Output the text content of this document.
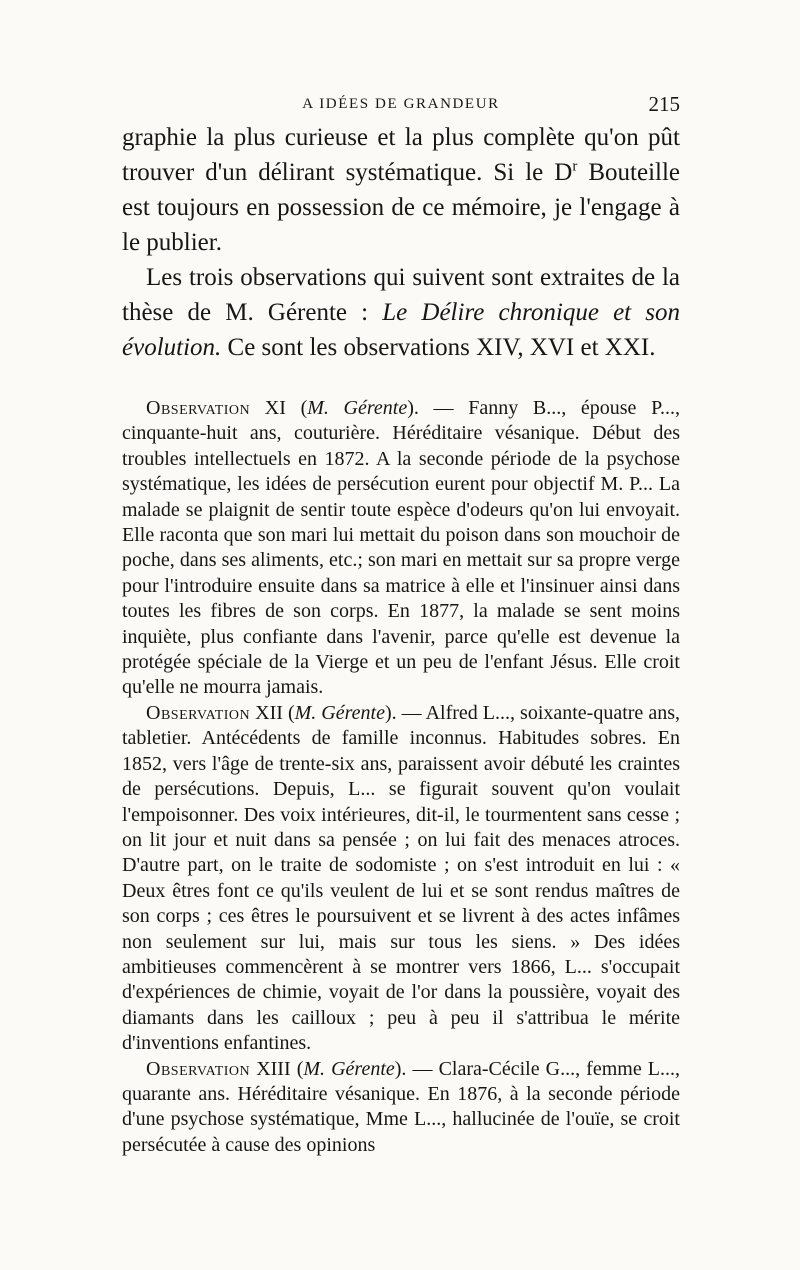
A IDÉES DE GRANDEUR	215

graphie la plus curieuse et la plus complète qu'on pût trouver d'un délirant systématique. Si le $D^r$ Bouteille est toujours en possession de ce mémoire, je l'engage à le publier.

Les trois observations qui suivent sont extraites de la thèse de M. Gérente : Le Délire chronique et son évolution. Ce sont les observations XIV, XVI et XXI.

Observation XI (M. Gérente). — Fanny B..., épouse P..., cinquante-huit ans, couturière. Héréditaire vésanique. Début des troubles intellectuels en 1872. A la seconde période de la psychose systématique, les idées de persécution eurent pour objectif M. P... La malade se plaignit de sentir toute espèce d'odeurs qu'on lui envoyait. Elle raconta que son mari lui mettait du poison dans son mouchoir de poche, dans ses aliments, etc.; son mari en mettait sur sa propre verge pour l'introduire ensuite dans sa matrice à elle et l'insinuer ainsi dans toutes les fibres de son corps. En 1877, la malade se sent moins inquiète, plus confiante dans l'avenir, parce qu'elle est devenue la protégée spéciale de la Vierge et un peu de l'enfant Jésus. Elle croit qu'elle ne mourra jamais.

Observation XII (M. Gérente). — Alfred L..., soixante-quatre ans, tabletier. Antécédents de famille inconnus. Habitudes sobres. En 1852, vers l'âge de trente-six ans, paraissent avoir débuté les craintes de persécutions. Depuis, L... se figurait souvent qu'on voulait l'empoisonner. Des voix intérieures, dit-il, le tourmentent sans cesse ; on lit jour et nuit dans sa pensée ; on lui fait des menaces atroces. D'autre part, on le traite de sodomiste ; on s'est introduit en lui : « Deux êtres font ce qu'ils veulent de lui et se sont rendus maîtres de son corps ; ces êtres le poursuivent et se livrent à des actes infâmes non seulement sur lui, mais sur tous les siens. » Des idées ambitieuses commencèrent à se montrer vers 1866, L... s'occupait d'expériences de chimie, voyait de l'or dans la poussière, voyait des diamants dans les cailloux ; peu à peu il s'attribua le mérite d'inventions enfantines.

Observation XIII (M. Gérente). — Clara-Cécile G..., femme L..., quarante ans. Héréditaire vésanique. En 1876, à la seconde période d'une psychose systématique, Mme L..., hallucinée de l'ouïe, se croit persécutée à cause des opinions
